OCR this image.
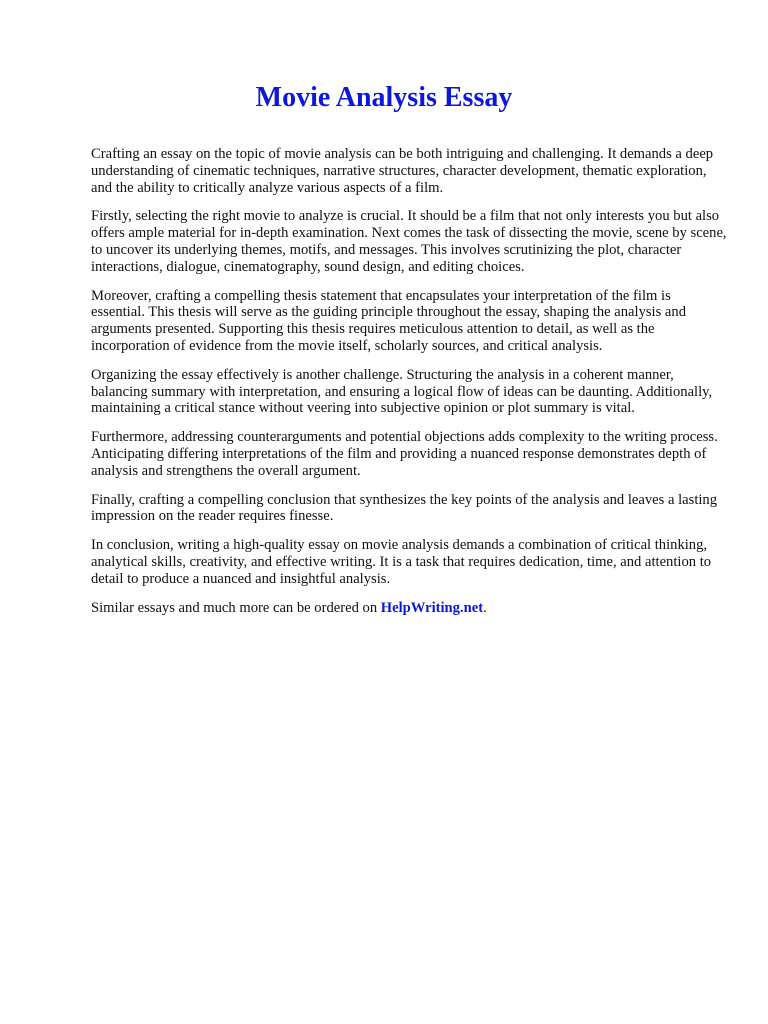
Movie Analysis Essay

Crafting an essay on the topic of movie analysis can be both intriguing and challenging. It demands a deep understanding of cinematic techniques, narrative structures, character development, thematic exploration, and the ability to critically analyze various aspects of a film.

Firstly, selecting the right movie to analyze is crucial. It should be a film that not only interests you but also offers ample material for in-depth examination. Next comes the task of dissecting the movie, scene by scene, to uncover its underlying themes, motifs, and messages. This involves scrutinizing the plot, character interactions, dialogue, cinematography, sound design, and editing choices.

Moreover, crafting a compelling thesis statement that encapsulates your interpretation of the film is essential. This thesis will serve as the guiding principle throughout the essay, shaping the analysis and arguments presented. Supporting this thesis requires meticulous attention to detail, as well as the incorporation of evidence from the movie itself, scholarly sources, and critical analysis.

Organizing the essay effectively is another challenge. Structuring the analysis in a coherent manner, balancing summary with interpretation, and ensuring a logical flow of ideas can be daunting. Additionally, maintaining a critical stance without veering into subjective opinion or plot summary is vital.

Furthermore, addressing counterarguments and potential objections adds complexity to the writing process. Anticipating differing interpretations of the film and providing a nuanced response demonstrates depth of analysis and strengthens the overall argument.

Finally, crafting a compelling conclusion that synthesizes the key points of the analysis and leaves a lasting impression on the reader requires finesse.

In conclusion, writing a high-quality essay on movie analysis demands a combination of critical thinking, analytical skills, creativity, and effective writing. It is a task that requires dedication, time, and attention to detail to produce a nuanced and insightful analysis.

Similar essays and much more can be ordered on HelpWriting.net.
